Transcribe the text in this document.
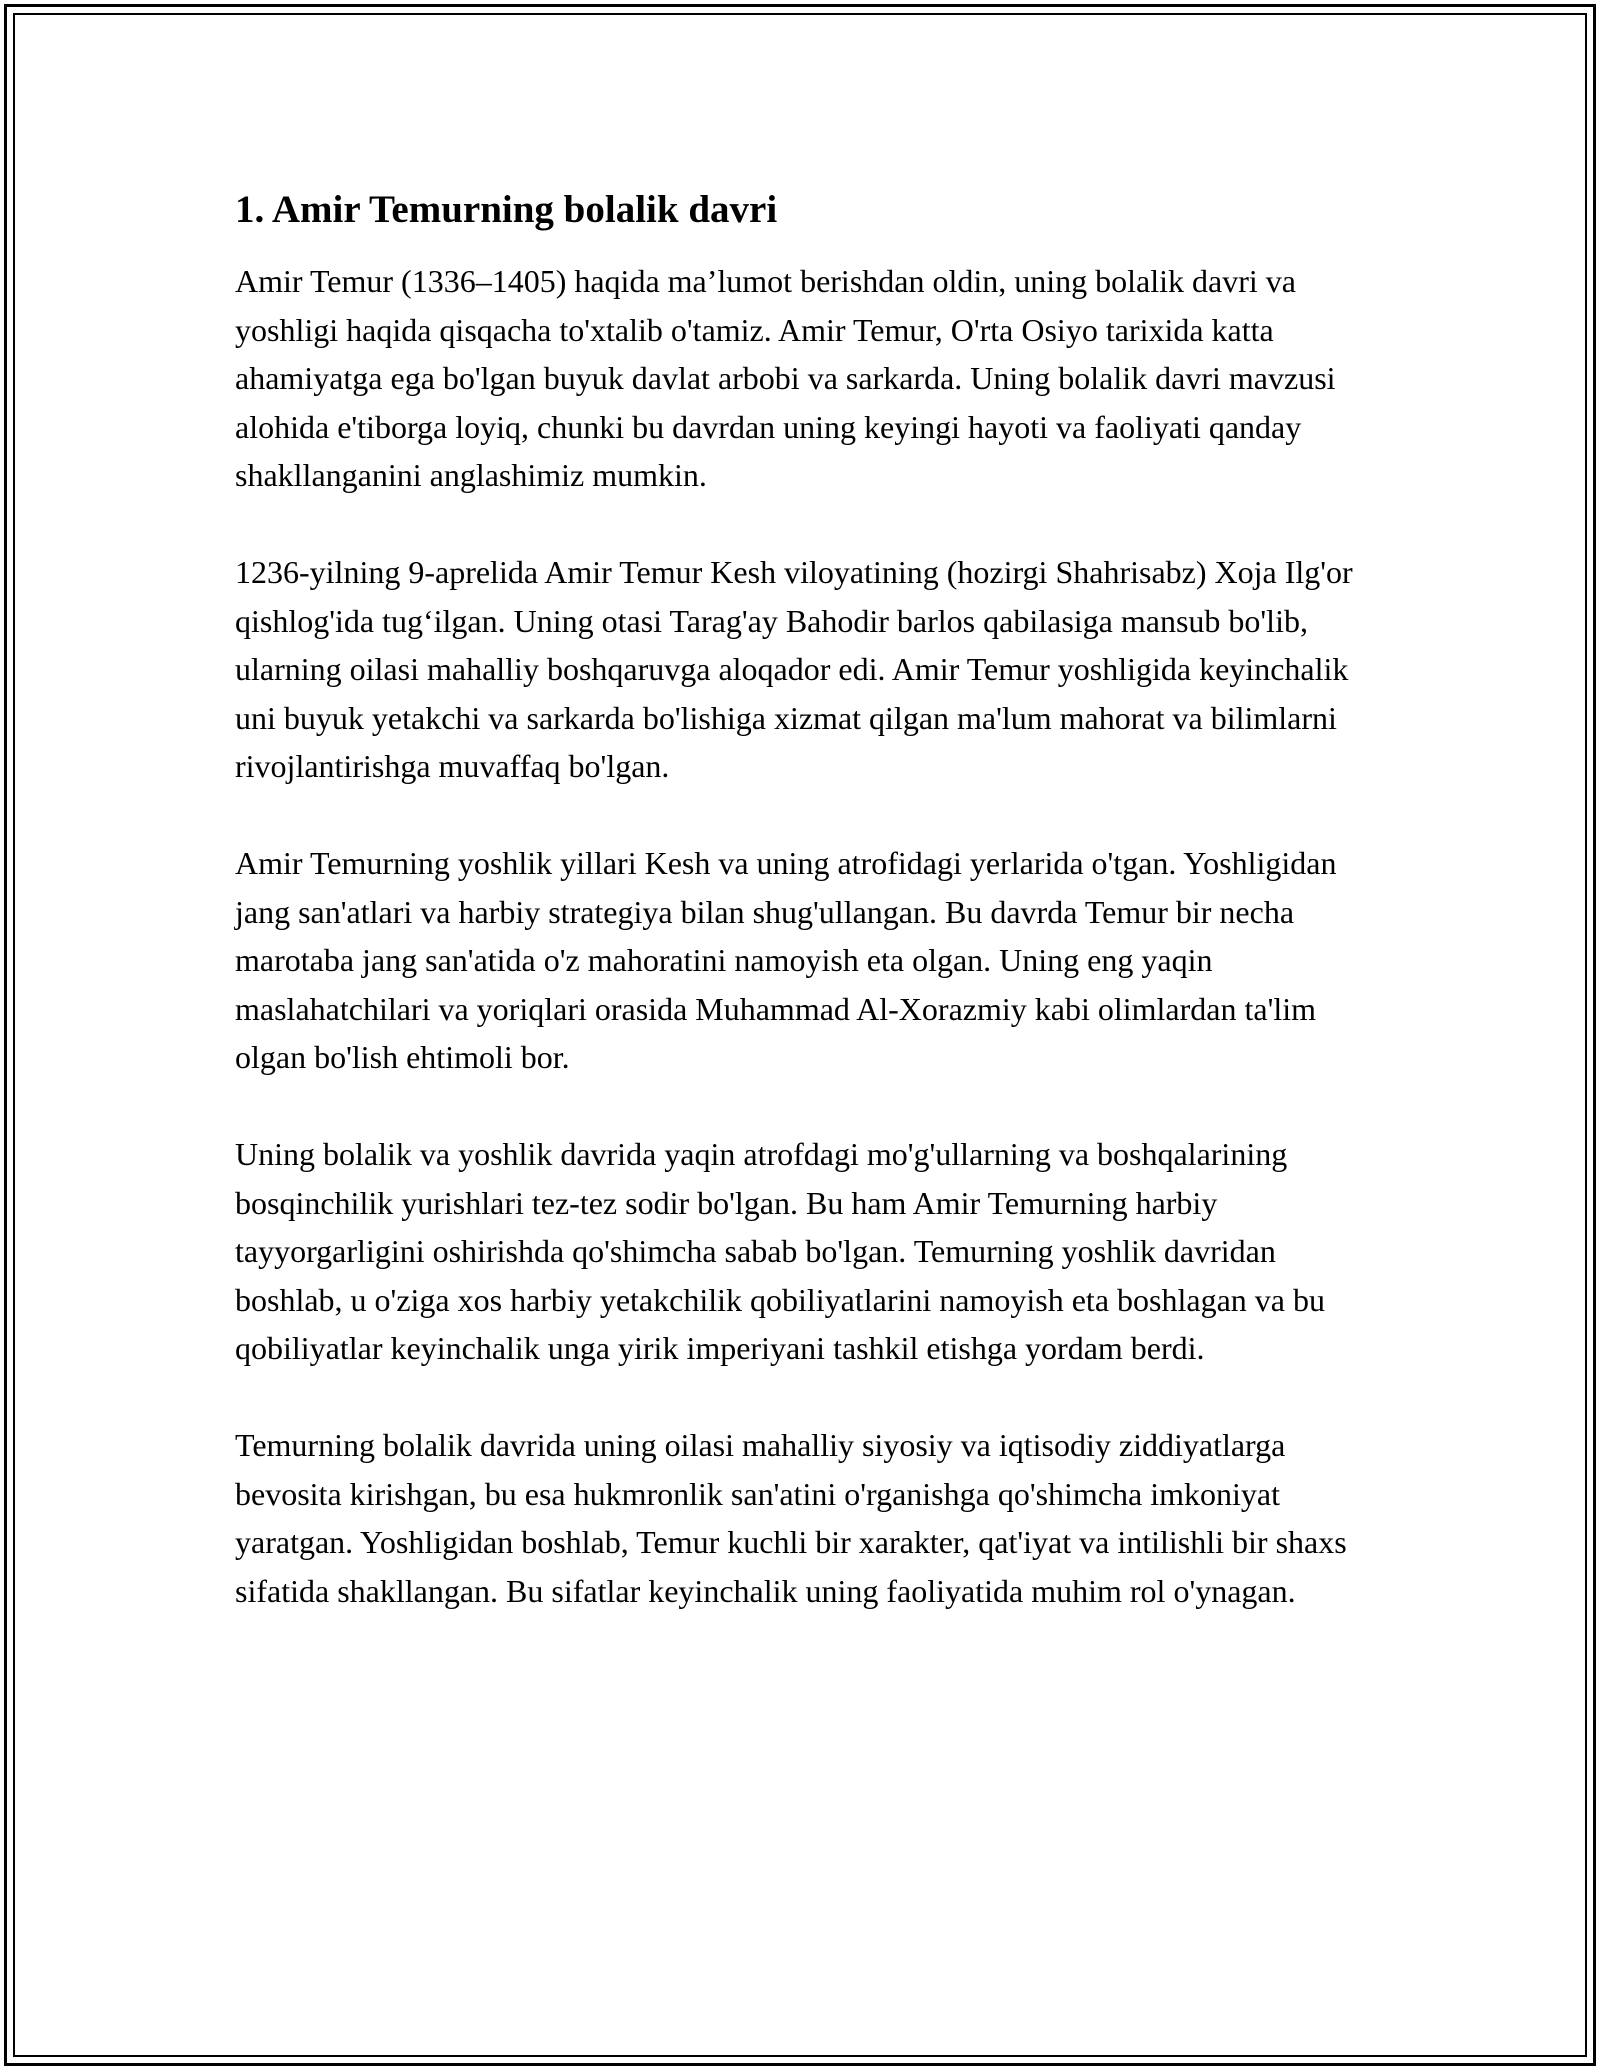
1. Amir Temurning bolalik davri

Amir Temur (1336–1405) haqida ma’lumot berishdan oldin, uning bolalik davri va yoshligi haqida qisqacha to'xtalib o'tamiz. Amir Temur, O'rta Osiyo tarixida katta ahamiyatga ega bo'lgan buyuk davlat arbobi va sarkarda. Uning bolalik davri mavzusi alohida e'tiborga loyiq, chunki bu davrdan uning keyingi hayoti va faoliyati qanday shakllanganini anglashimiz mumkin.

1236-yilning 9-aprelida Amir Temur Kesh viloyatining (hozirgi Shahrisabz) Xoja Ilg'or qishlog'ida tug‘ilgan. Uning otasi Tarag'ay Bahodir barlos qabilasiga mansub bo'lib, ularning oilasi mahalliy boshqaruvga aloqador edi. Amir Temur yoshligida keyinchalik uni buyuk yetakchi va sarkarda bo'lishiga xizmat qilgan ma'lum mahorat va bilimlarni rivojlantirishga muvaffaq bo'lgan.

Amir Temurning yoshlik yillari Kesh va uning atrofidagi yerlarida o'tgan. Yoshligidan jang san'atlari va harbiy strategiya bilan shug'ullangan. Bu davrda Temur bir necha marotaba jang san'atida o'z mahoratini namoyish eta olgan. Uning eng yaqin maslahatchilari va yoriqlari orasida Muhammad Al-Xorazmiy kabi olimlardan ta'lim olgan bo'lish ehtimoli bor.

Uning bolalik va yoshlik davrida yaqin atrofdagi mo'g'ullarning va boshqalarining bosqinchilik yurishlari tez-tez sodir bo'lgan. Bu ham Amir Temurning harbiy tayyorgarligini oshirishda qo'shimcha sabab bo'lgan. Temurning yoshlik davridan boshlab, u o'ziga xos harbiy yetakchilik qobiliyatlarini namoyish eta boshlagan va bu qobiliyatlar keyinchalik unga yirik imperiyani tashkil etishga yordam berdi.

Temurning bolalik davrida uning oilasi mahalliy siyosiy va iqtisodiy ziddiyatlarga bevosita kirishgan, bu esa hukmronlik san'atini o'rganishga qo'shimcha imkoniyat yaratgan. Yoshligidan boshlab, Temur kuchli bir xarakter, qat'iyat va intilishli bir shaxs sifatida shakllangan. Bu sifatlar keyinchalik uning faoliyatida muhim rol o'ynagan.
